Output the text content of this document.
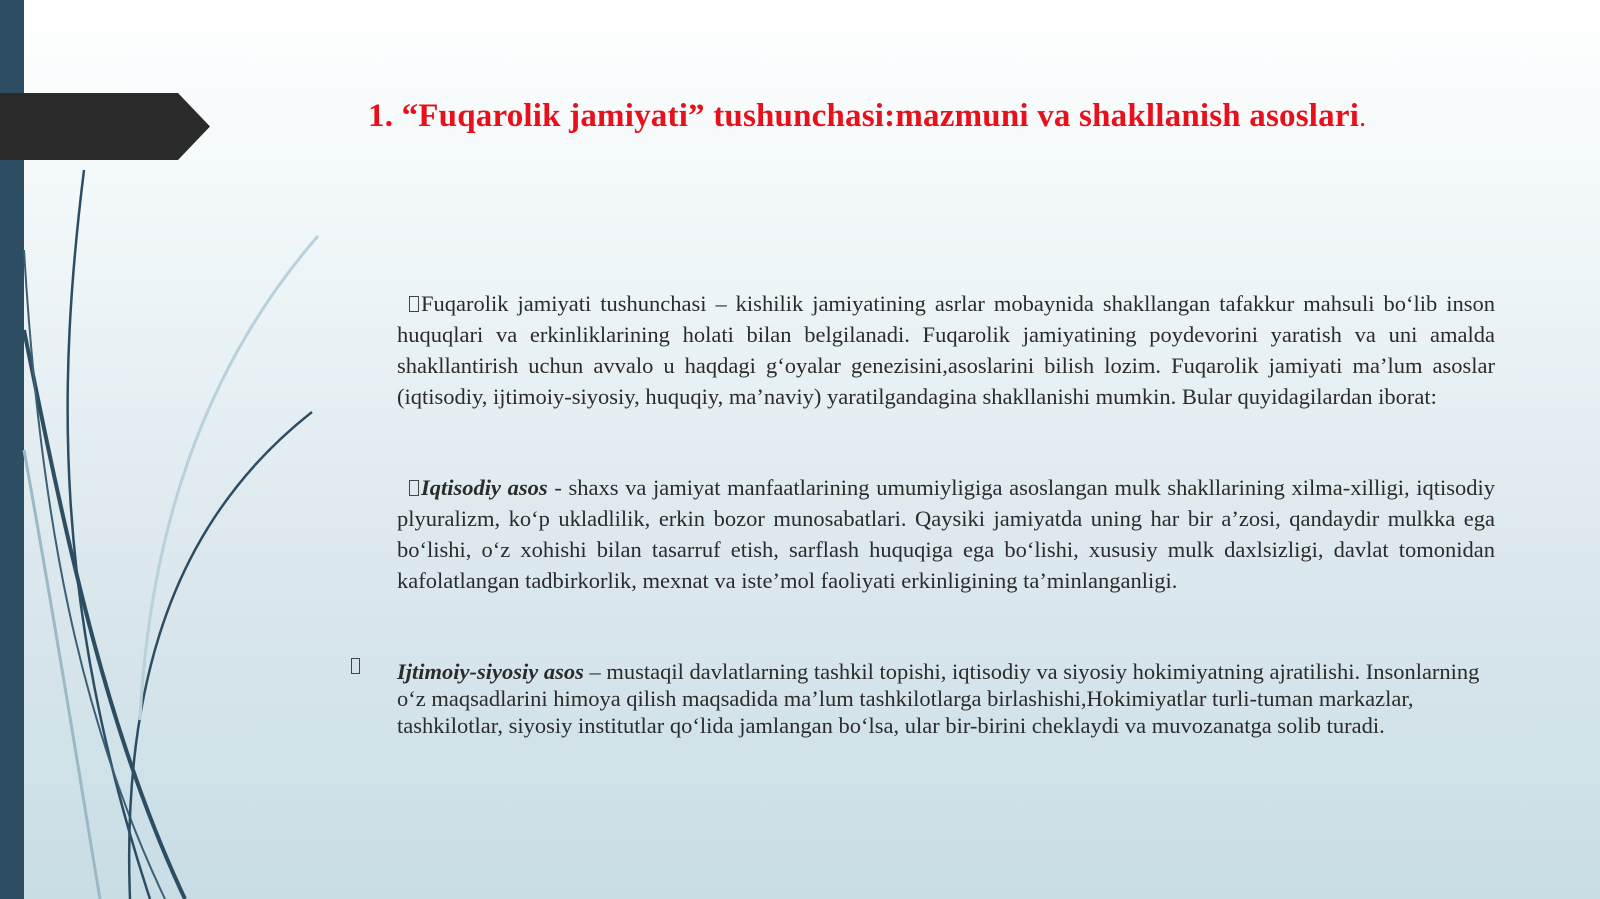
1. “Fuqarolik jamiyati” tushunchasi:mazmuni va shakllanish asoslari.

Fuqarolik jamiyati tushunchasi – kishilik jamiyatining asrlar mobaynida shakllangan tafakkur mahsuli bo‘lib inson huquqlari va erkinliklarining holati bilan belgilanadi. Fuqarolik jamiyatining poydevorini yaratish va uni amalda shakllantirish uchun avvalo u haqdagi g‘oyalar genezisini,asoslarini bilish lozim. Fuqarolik jamiyati ma’lum asoslar (iqtisodiy, ijtimoiy-siyosiy, huquqiy, ma’naviy) yaratilgandagina shakllanishi mumkin. Bular quyidagilardan iborat:

Iqtisodiy asos - shaxs va jamiyat manfaatlarining umumiyligiga asoslangan mulk shakllarining xilma-xilligi, iqtisodiy plyuralizm, ko‘p ukladlilik, erkin bozor munosabatlari. Qaysiki jamiyatda uning har bir a’zosi, qandaydir mulkka ega bo‘lishi, o‘z xohishi bilan tasarruf etish, sarflash huquqiga ega bo‘lishi, xususiy mulk daxlsizligi, davlat tomonidan kafolatlangan tadbirkorlik, mexnat va iste’mol faoliyati erkinligining ta’minlanganligi.

Ijtimoiy-siyosiy asos – mustaqil davlatlarning tashkil topishi, iqtisodiy va siyosiy hokimiyatning ajratilishi. Insonlarning o‘z maqsadlarini himoya qilish maqsadida ma’lum tashkilotlarga birlashishi,Hokimiyatlar turli-tuman markazlar, tashkilotlar, siyosiy institutlar qo‘lida jamlangan bo‘lsa, ular bir-birini cheklaydi va muvozanatga solib turadi.
